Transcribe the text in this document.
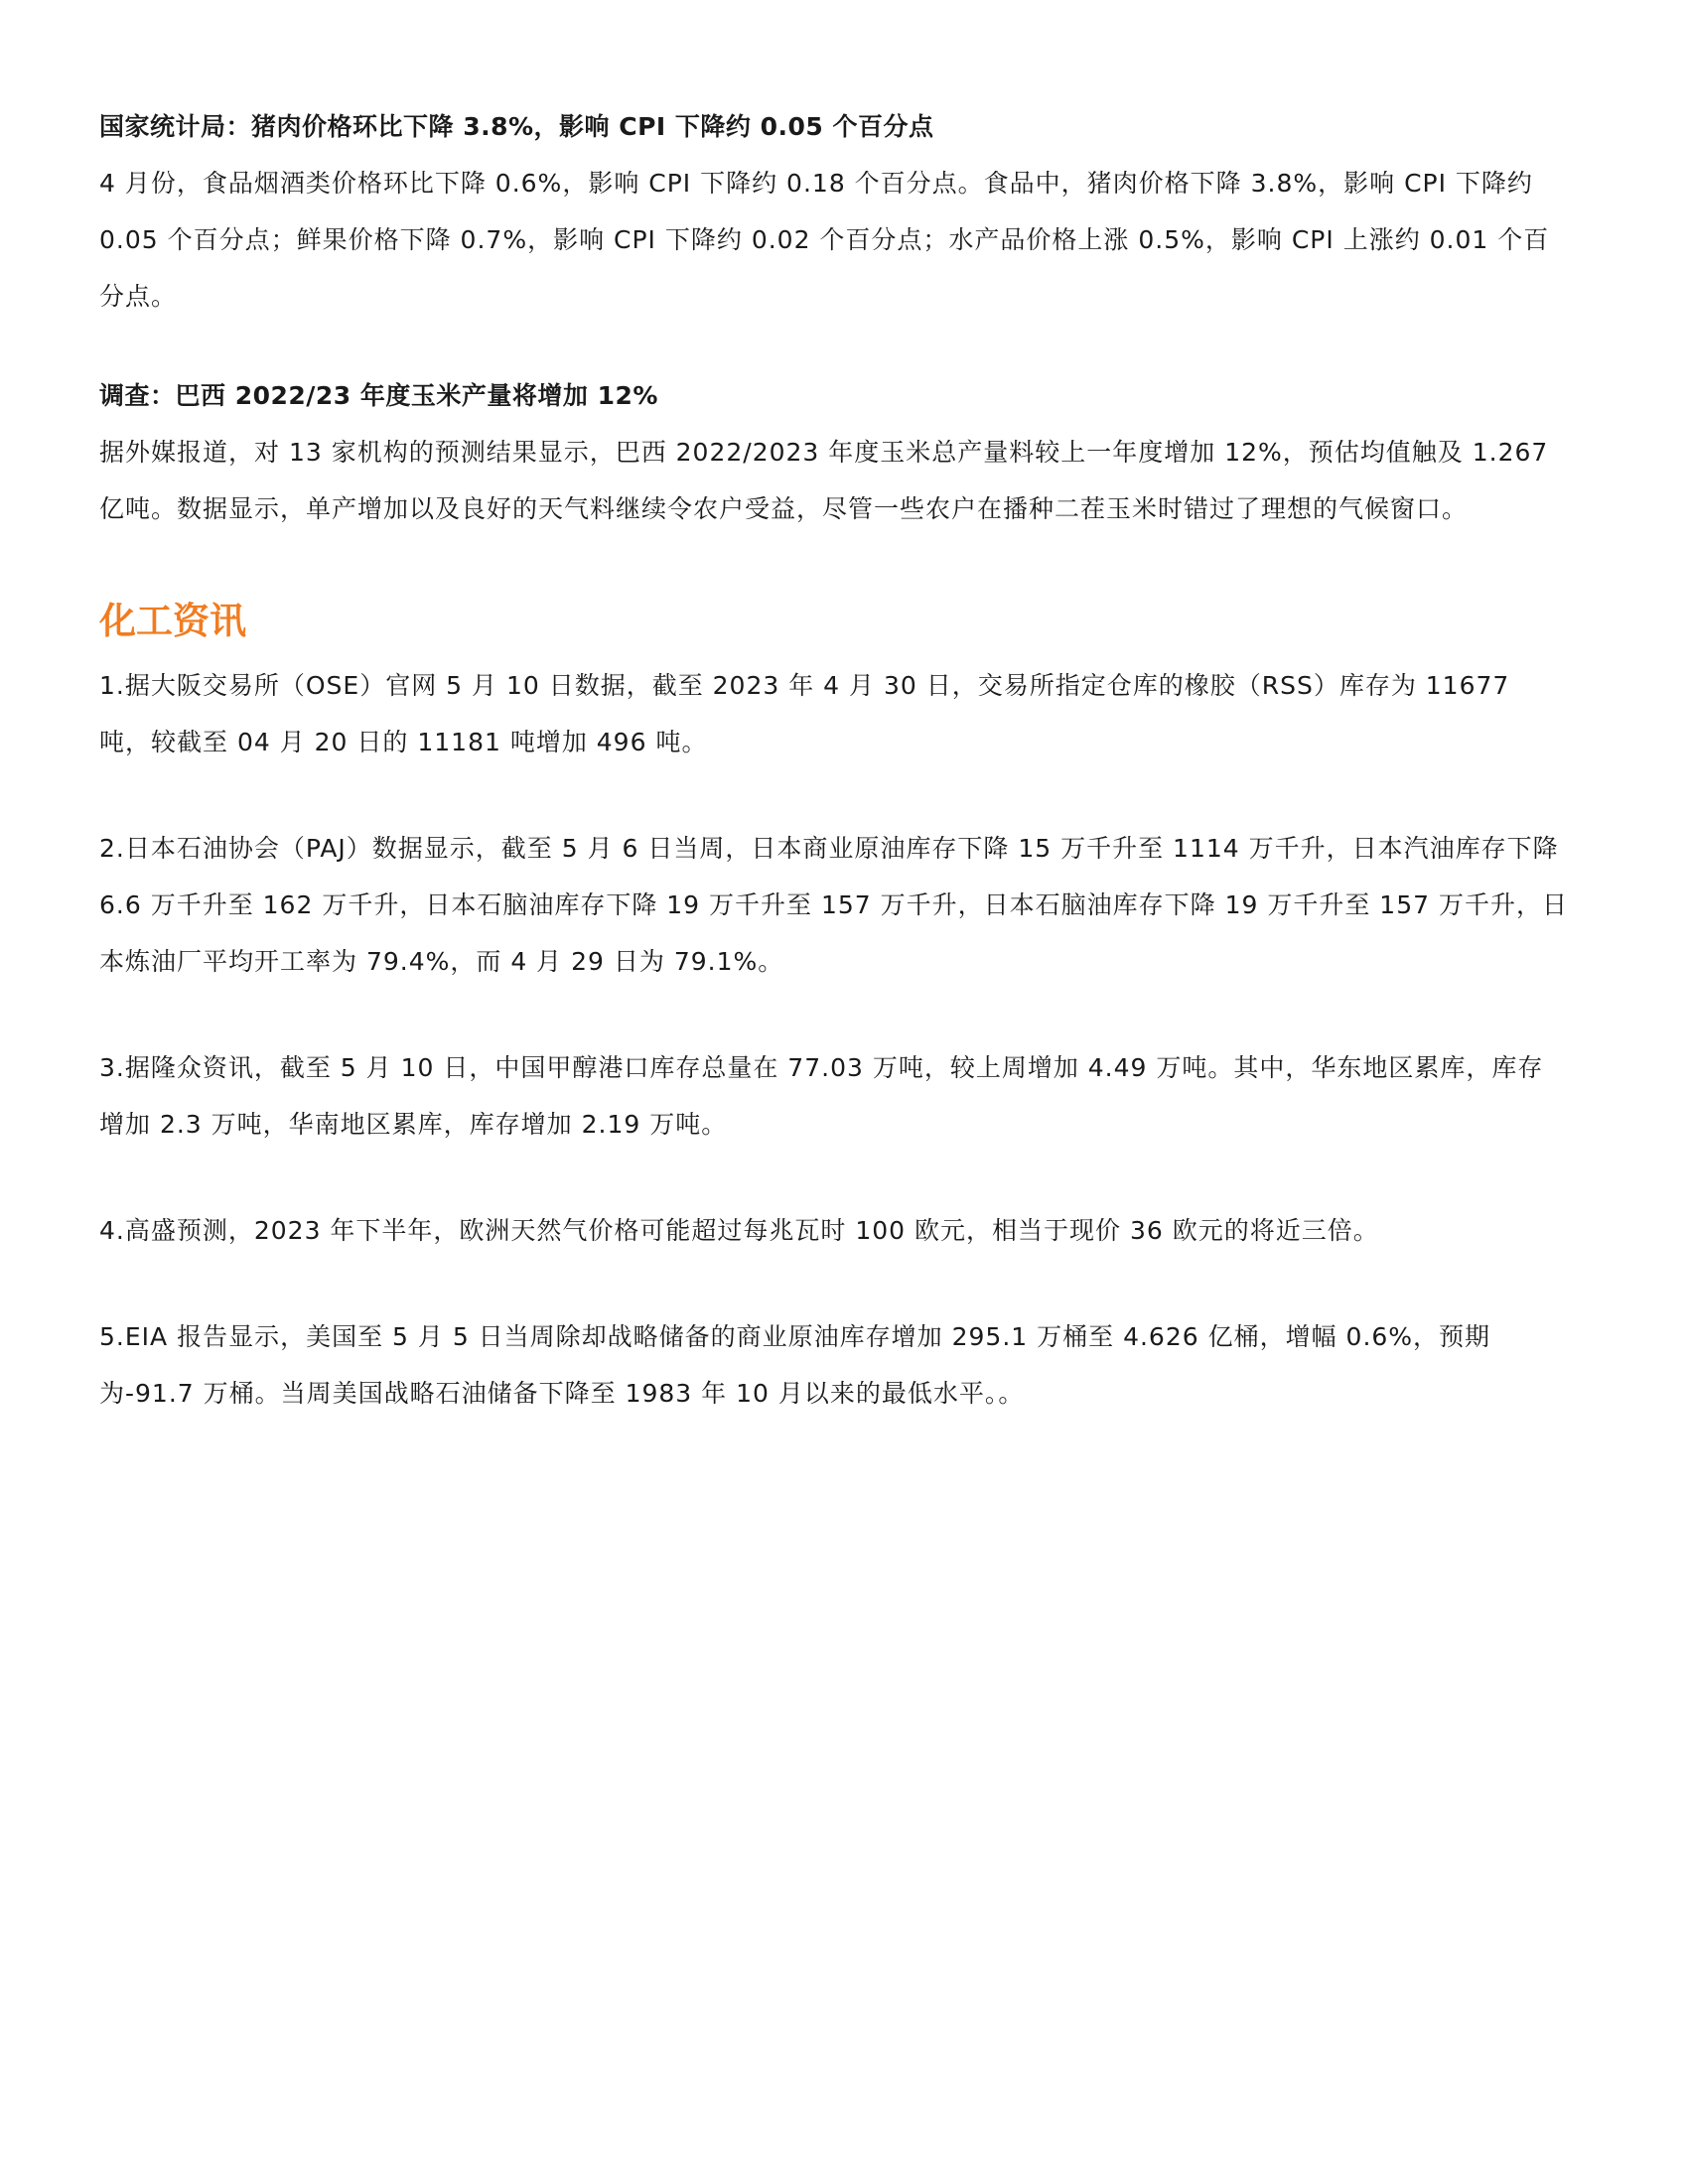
国家统计局：猪肉价格环比下降 3.8%，影响 CPI 下降约 0.05 个百分点

4 月份，食品烟酒类价格环比下降 0.6%，影响 CPI 下降约 0.18 个百分点。食品中，猪肉价格下降 3.8%，影响 CPI 下降约 0.05 个百分点；鲜果价格下降 0.7%，影响 CPI 下降约 0.02 个百分点；水产品价格上涨 0.5%，影响 CPI 上涨约 0.01 个百分点。

调查：巴西 2022/23 年度玉米产量将增加 12%

据外媒报道，对 13 家机构的预测结果显示，巴西 2022/2023 年度玉米总产量料较上一年度增加 12%，预估均值触及 1.267 亿吨。数据显示，单产增加以及良好的天气料继续令农户受益，尽管一些农户在播种二茬玉米时错过了理想的气候窗口。

化工资讯

1.据大阪交易所（OSE）官网 5 月 10 日数据，截至 2023 年 4 月 30 日，交易所指定仓库的橡胶（RSS）库存为 11677 吨，较截至 04 月 20 日的 11181 吨增加 496 吨。

2.日本石油协会（PAJ）数据显示，截至 5 月 6 日当周，日本商业原油库存下降 15 万千升至 1114 万千升，日本汽油库存下降 6.6 万千升至 162 万千升，日本石脑油库存下降 19 万千升至 157 万千升，日本石脑油库存下降 19 万千升至 157 万千升，日本炼油厂平均开工率为 79.4%，而 4 月 29 日为 79.1%。

3.据隆众资讯，截至 5 月 10 日，中国甲醇港口库存总量在 77.03 万吨，较上周增加 4.49 万吨。其中，华东地区累库，库存增加 2.3 万吨，华南地区累库，库存增加 2.19 万吨。

4.高盛预测，2023 年下半年，欧洲天然气价格可能超过每兆瓦时 100 欧元，相当于现价 36 欧元的将近三倍。

5.EIA 报告显示，美国至 5 月 5 日当周除却战略储备的商业原油库存增加 295.1 万桶至 4.626 亿桶，增幅 0.6%，预期为-91.7 万桶。当周美国战略石油储备下降至 1983 年 10 月以来的最低水平。。
